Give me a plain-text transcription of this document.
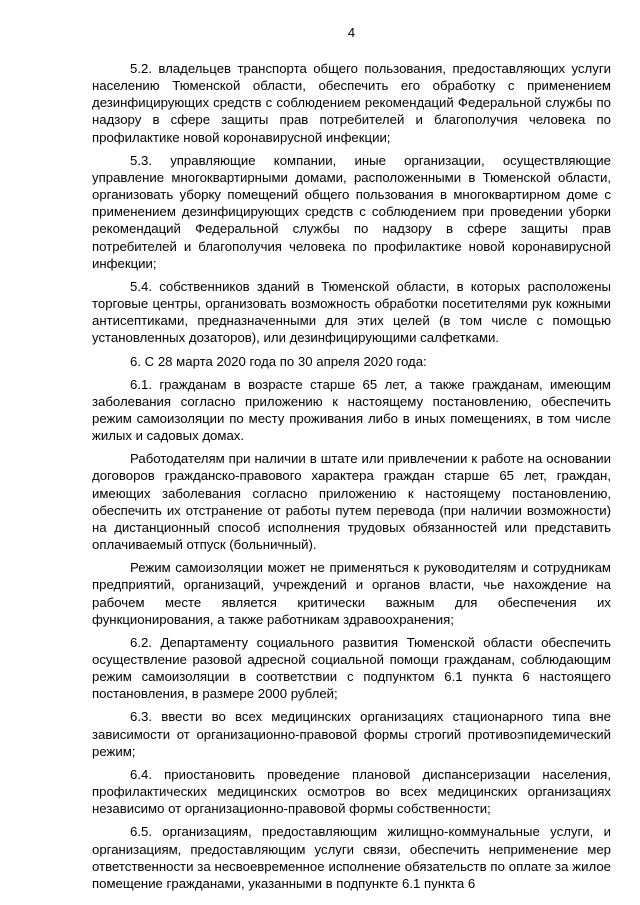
4

5.2. владельцев транспорта общего пользования, предоставляющих услуги населению Тюменской области, обеспечить его обработку с применением дезинфицирующих средств с соблюдением рекомендаций Федеральной службы по надзору в сфере защиты прав потребителей и благополучия человека по профилактике новой коронавирусной инфекции;

5.3. управляющие компании, иные организации, осуществляющие управление многоквартирными домами, расположенными в Тюменской области, организовать уборку помещений общего пользования в многоквартирном доме с применением дезинфицирующих средств с соблюдением при проведении уборки рекомендаций Федеральной службы по надзору в сфере защиты прав потребителей и благополучия человека по профилактике новой коронавирусной инфекции;

5.4. собственников зданий в Тюменской области, в которых расположены торговые центры, организовать возможность обработки посетителями рук кожными антисептиками, предназначенными для этих целей (в том числе с помощью установленных дозаторов), или дезинфицирующими салфетками.

6. С 28 марта 2020 года по 30 апреля 2020 года:

6.1. гражданам в возрасте старше 65 лет, а также гражданам, имеющим заболевания согласно приложению к настоящему постановлению, обеспечить режим самоизоляции по месту проживания либо в иных помещениях, в том числе жилых и садовых домах.

Работодателям при наличии в штате или привлечении к работе на основании договоров гражданско-правового характера граждан старше 65 лет, граждан, имеющих заболевания согласно приложению к настоящему постановлению, обеспечить их отстранение от работы путем перевода (при наличии возможности) на дистанционный способ исполнения трудовых обязанностей или представить оплачиваемый отпуск (больничный).

Режим самоизоляции может не применяться к руководителям и сотрудникам предприятий, организаций, учреждений и органов власти, чье нахождение на рабочем месте является критически важным для обеспечения их функционирования, а также работникам здравоохранения;

6.2. Департаменту социального развития Тюменской области обеспечить осуществление разовой адресной социальной помощи гражданам, соблюдающим режим самоизоляции в соответствии с подпунктом 6.1 пункта 6 настоящего постановления, в размере 2000 рублей;

6.3. ввести во всех медицинских организациях стационарного типа вне зависимости от организационно-правовой формы строгий противоэпидемический режим;

6.4. приостановить проведение плановой диспансеризации населения, профилактических медицинских осмотров во всех медицинских организациях независимо от организационно-правовой формы собственности;

6.5. организациям, предоставляющим жилищно-коммунальные услуги, и организациям, предоставляющим услуги связи, обеспечить неприменение мер ответственности за несвоевременное исполнение обязательств по оплате за жилое помещение гражданами, указанными в подпункте 6.1 пункта 6
